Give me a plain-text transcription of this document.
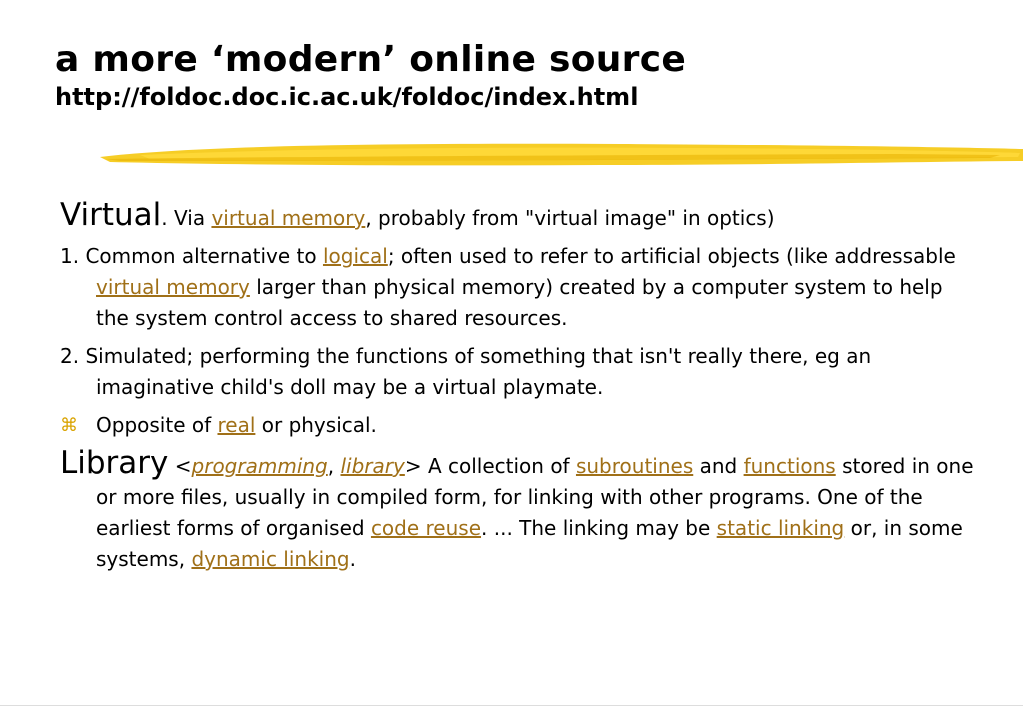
a more ‘modern’ online source
http://foldoc.doc.ic.ac.uk/foldoc/index.html

Virtual. Via virtual memory, probably from "virtual image" in optics)

1. Common alternative to logical; often used to refer to artificial objects (like addressable virtual memory larger than physical memory) created by a computer system to help the system control access to shared resources.

2. Simulated; performing the functions of something that isn't really there, eg an imaginative child's doll may be a virtual playmate.

⌘ Opposite of real or physical.

Library <programming, library> A collection of subroutines and functions stored in one or more files, usually in compiled form, for linking with other programs. One of the earliest forms of organised code reuse. ... The linking may be static linking or, in some systems, dynamic linking.
